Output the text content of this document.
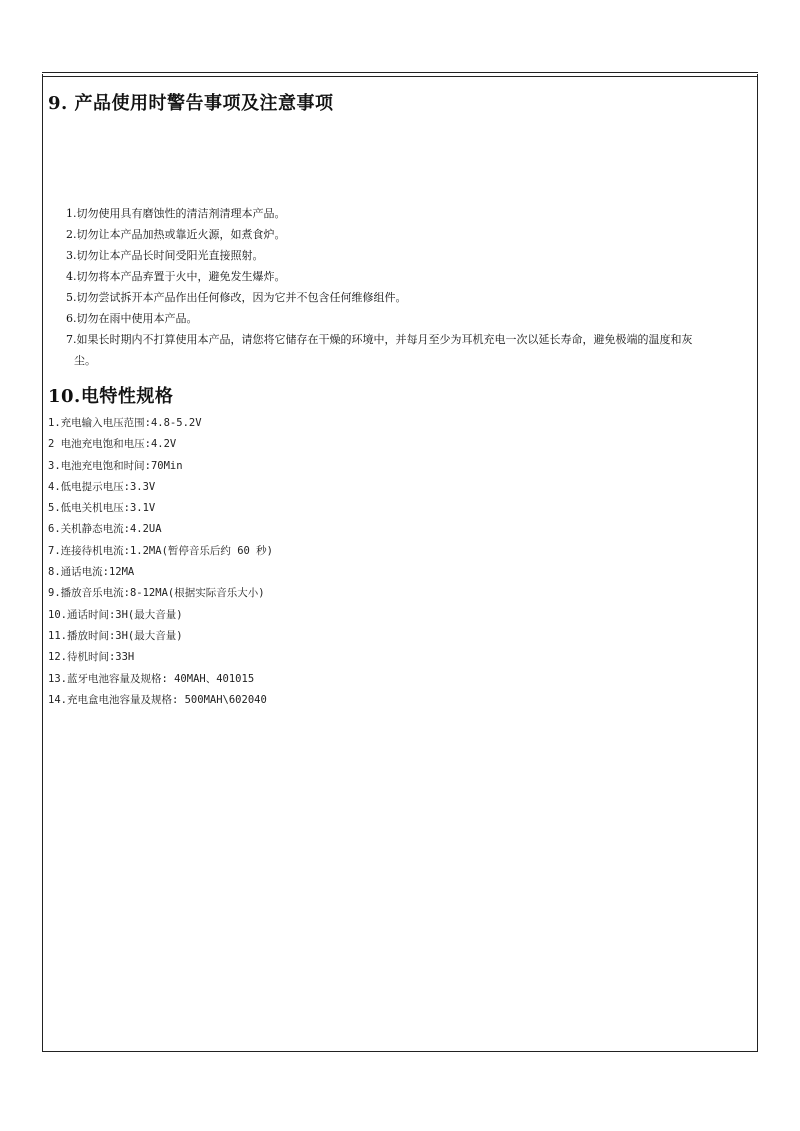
9. 产品使用时警告事项及注意事项
1.切勿使用具有磨蚀性的清洁剂清理本产品。
2.切勿让本产品加热或靠近火源，如煮食炉。
3.切勿让本产品长时间受阳光直接照射。
4.切勿将本产品弃置于火中，避免发生爆炸。
5.切勿尝试拆开本产品作出任何修改，因为它并不包含任何维修组件。
6.切勿在雨中使用本产品。
7.如果长时期内不打算使用本产品，请您将它储存在干燥的环境中，并每月至少为耳机充电一次以延长寿命，避免极端的温度和灰
尘。
10.电特性规格
1.充电输入电压范围:4.8-5.2V
2 电池充电饱和电压:4.2V
3.电池充电饱和时间:70Min
4.低电提示电压:3.3V
5.低电关机电压:3.1V
6.关机静态电流:4.2UA
7.连接待机电流:1.2MA(暂停音乐后约 60 秒)
8.通话电流:12MA
9.播放音乐电流:8-12MA(根据实际音乐大小)
10.通话时间:3H(最大音量)
11.播放时间:3H(最大音量)
12.待机时间:33H
13.蓝牙电池容量及规格: 40MAH、401015
14.充电盒电池容量及规格: 500MAH\602040
